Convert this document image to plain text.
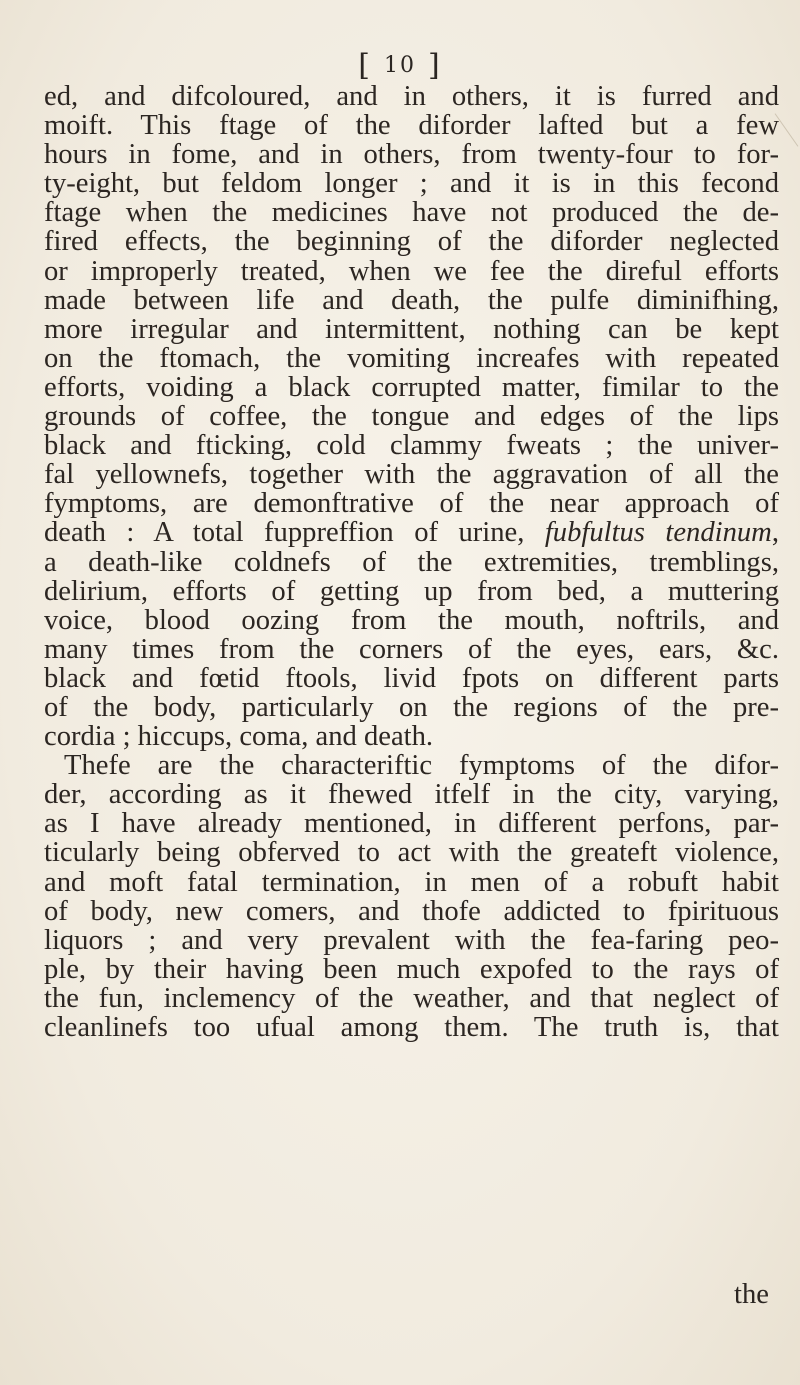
[ 10 ]
ed, and difcoloured, and in others, it is furred and
moift. This ftage of the diforder lafted but a few
hours in fome, and in others, from twenty-four to for-
ty-eight, but feldom longer ; and it is in this fecond
ftage when the medicines have not produced the de-
fired effects, the beginning of the diforder neglected
or improperly treated, when we fee the direful efforts
made between life and death, the pulfe diminifhing,
more irregular and intermittent, nothing can be kept
on the ftomach, the vomiting increafes with repeated
efforts, voiding a black corrupted matter, fimilar to the
grounds of coffee, the tongue and edges of the lips
black and fticking, cold clammy fweats ; the univer-
fal yellownefs, together with the aggravation of all the
fymptoms, are demonftrative of the near approach of
death : A total fuppreffion of urine, fubfultus tendinum,
a death-like coldnefs of the extremities, tremblings,
delirium, efforts of getting up from bed, a muttering
voice, blood oozing from the mouth, noftrils, and
many times from the corners of the eyes, ears, &c.
black and fœtid ftools, livid fpots on different parts
of the body, particularly on the regions of the pre-
cordia ; hiccups, coma, and death.
Thefe are the characteriftic fymptoms of the difor-
der, according as it fhewed itfelf in the city, varying,
as I have already mentioned, in different perfons, par-
ticularly being obferved to act with the greateft violence,
and moft fatal termination, in men of a robuft habit
of body, new comers, and thofe addicted to fpirituous
liquors ; and very prevalent with the fea-faring peo-
ple, by their having been much expofed to the rays of
the fun, inclemency of the weather, and that neglect of
cleanlinefs too ufual among them. The truth is, that
the
